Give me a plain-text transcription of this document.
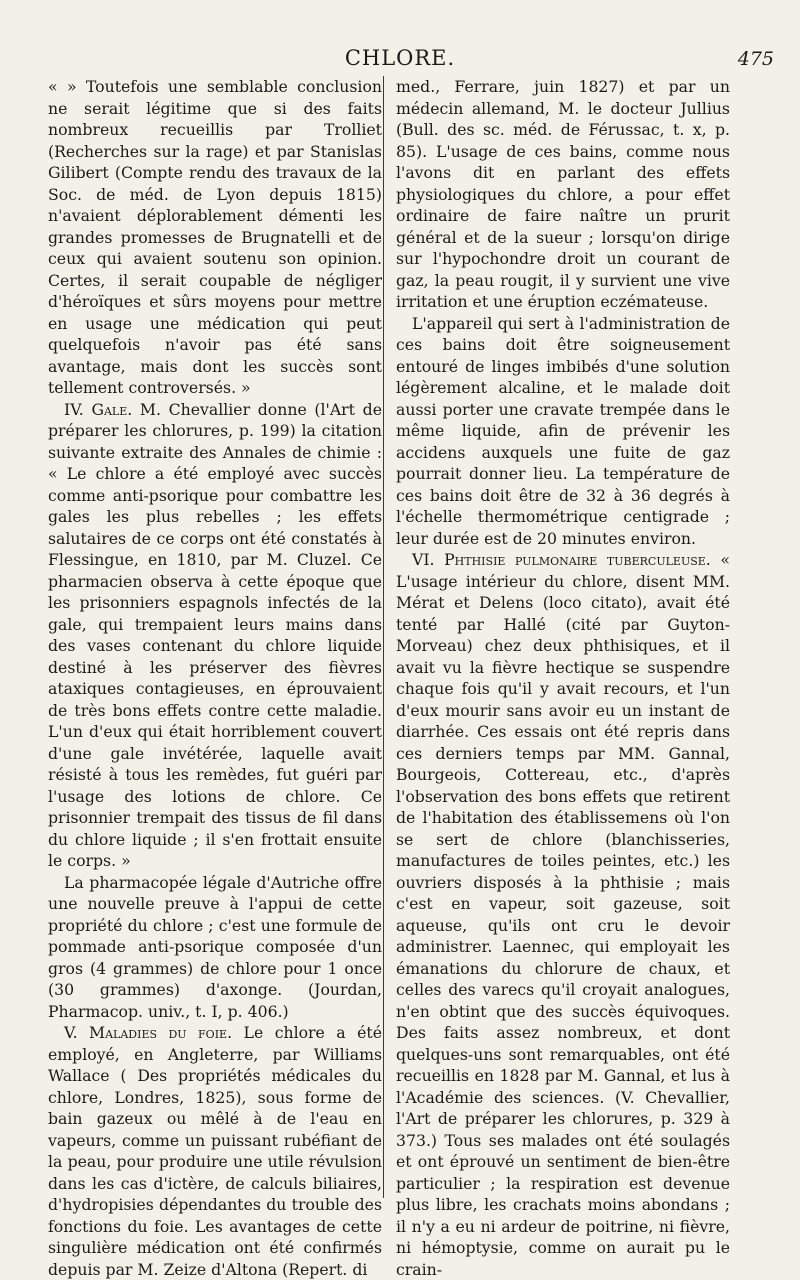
CHLORE.	475

« » Toutefois une semblable conclusion ne serait légitime que si des faits nombreux recueillis par Trolliet (Recherches sur la rage) et par Stanislas Gilibert (Compte rendu des travaux de la Soc. de méd. de Lyon depuis 1815) n'avaient déplorablement démenti les grandes promesses de Brugnatelli et de ceux qui avaient soutenu son opinion. Certes, il serait coupable de négliger d'héroïques et sûrs moyens pour mettre en usage une médication qui peut quelquefois n'avoir pas été sans avantage, mais dont les succès sont tellement controversés. »

IV. Gale. M. Chevallier donne (l'Art de préparer les chlorures, p. 199) la citation suivante extraite des Annales de chimie : « Le chlore a été employé avec succès comme anti-psorique pour combattre les gales les plus rebelles ; les effets salutaires de ce corps ont été constatés à Flessingue, en 1810, par M. Cluzel. Ce pharmacien observa à cette époque que les prisonniers espagnols infectés de la gale, qui trempaient leurs mains dans des vases contenant du chlore liquide destiné à les préserver des fièvres ataxiques contagieuses, en éprouvaient de très bons effets contre cette maladie. L'un d'eux qui était horriblement couvert d'une gale invétérée, laquelle avait résisté à tous les remèdes, fut guéri par l'usage des lotions de chlore. Ce prisonnier trempait des tissus de fil dans du chlore liquide ; il s'en frottait ensuite le corps. »

La pharmacopée légale d'Autriche offre une nouvelle preuve à l'appui de cette propriété du chlore ; c'est une formule de pommade anti-psorique composée d'un gros (4 grammes) de chlore pour 1 once (30 grammes) d'axonge. (Jourdan, Pharmacop. univ., t. I, p. 406.)

V. Maladies du foie. Le chlore a été employé, en Angleterre, par Williams Wallace ( Des propriétés médicales du chlore, Londres, 1825), sous forme de bain gazeux ou mêlé à de l'eau en vapeurs, comme un puissant rubéfiant de la peau, pour produire une utile révulsion dans les cas d'ictère, de calculs biliaires, d'hydropisies dépendantes du trouble des fonctions du foie. Les avantages de cette singulière médication ont été confirmés depuis par M. Zeize d'Altona (Repert. di

med., Ferrare, juin 1827) et par un médecin allemand, M. le docteur Jullius (Bull. des sc. méd. de Férussac, t. x, p. 85). L'usage de ces bains, comme nous l'avons dit en parlant des effets physiologiques du chlore, a pour effet ordinaire de faire naître un prurit général et de la sueur ; lorsqu'on dirige sur l'hypochondre droit un courant de gaz, la peau rougit, il y survient une vive irritation et une éruption eczémateuse.

L'appareil qui sert à l'administration de ces bains doit être soigneusement entouré de linges imbibés d'une solution légèrement alcaline, et le malade doit aussi porter une cravate trempée dans le même liquide, afin de prévenir les accidens auxquels une fuite de gaz pourrait donner lieu. La température de ces bains doit être de 32 à 36 degrés à l'échelle thermométrique centigrade ; leur durée est de 20 minutes environ.

VI. Phthisie pulmonaire tuberculeuse. « L'usage intérieur du chlore, disent MM. Mérat et Delens (loco citato), avait été tenté par Hallé (cité par Guyton-Morveau) chez deux phthisiques, et il avait vu la fièvre hectique se suspendre chaque fois qu'il y avait recours, et l'un d'eux mourir sans avoir eu un instant de diarrhée. Ces essais ont été repris dans ces derniers temps par MM. Gannal, Bourgeois, Cottereau, etc., d'après l'observation des bons effets que retirent de l'habitation des établissemens où l'on se sert de chlore (blanchisseries, manufactures de toiles peintes, etc.) les ouvriers disposés à la phthisie ; mais c'est en vapeur, soit gazeuse, soit aqueuse, qu'ils ont cru le devoir administrer. Laennec, qui employait les émanations du chlorure de chaux, et celles des varecs qu'il croyait analogues, n'en obtint que des succès équivoques. Des faits assez nombreux, et dont quelques-uns sont remarquables, ont été recueillis en 1828 par M. Gannal, et lus à l'Académie des sciences. (V. Chevallier, l'Art de préparer les chlorures, p. 329 à 373.) Tous ses malades ont été soulagés et ont éprouvé un sentiment de bien-être particulier ; la respiration est devenue plus libre, les crachats moins abondans ; il n'y a eu ni ardeur de poitrine, ni fièvre, ni hémoptysie, comme on aurait pu le crain-
